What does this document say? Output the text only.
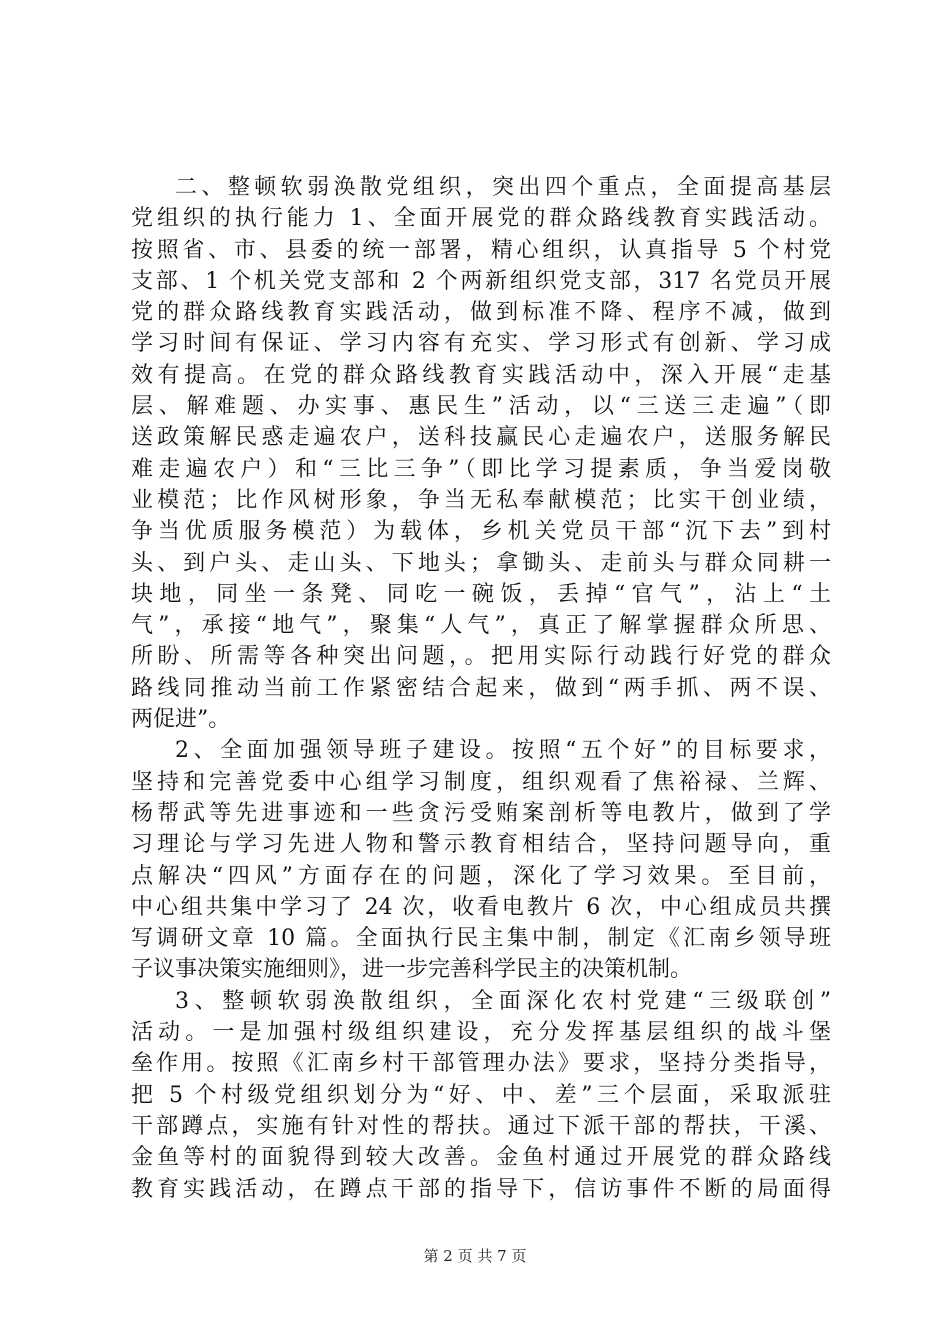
二、整顿软弱涣散党组织，突出四个重点，全面提高基层
党组织的执行能力 1、全面开展党的群众路线教育实践活动。
按照省、市、县委的统一部署，精心组织，认真指导 5 个村党
支部、1 个机关党支部和 2 个两新组织党支部，317 名党员开展
党的群众路线教育实践活动，做到标准不降、程序不减，做到
学习时间有保证、学习内容有充实、学习形式有创新、学习成
效有提高。在党的群众路线教育实践活动中，深入开展“走基
层、解难题、办实事、惠民生”活动，以“三送三走遍”（即
送政策解民惑走遍农户，送科技赢民心走遍农户，送服务解民
难走遍农户）和“三比三争”（即比学习提素质，争当爱岗敬
业模范；比作风树形象，争当无私奉献模范；比实干创业绩，
争当优质服务模范）为载体，乡机关党员干部“沉下去”到村
头、到户头、走山头、下地头；拿锄头、走前头与群众同耕一
块地，同坐一条凳、同吃一碗饭，丢掉“官气”，沾上“土
气”，承接“地气”，聚集“人气”，真正了解掌握群众所思、
所盼、所需等各种突出问题，。把用实际行动践行好党的群众
路线同推动当前工作紧密结合起来，做到“两手抓、两不误、
两促进”。
2、全面加强领导班子建设。按照“五个好”的目标要求，
坚持和完善党委中心组学习制度，组织观看了焦裕禄、兰辉、
杨帮武等先进事迹和一些贪污受贿案剖析等电教片，做到了学
习理论与学习先进人物和警示教育相结合，坚持问题导向，重
点解决“四风”方面存在的问题，深化了学习效果。至目前，
中心组共集中学习了 24 次，收看电教片 6 次，中心组成员共撰
写调研文章 10 篇。全面执行民主集中制，制定《汇南乡领导班
子议事决策实施细则》，进一步完善科学民主的决策机制。
3、整顿软弱涣散组织，全面深化农村党建“三级联创”
活动。一是加强村级组织建设，充分发挥基层组织的战斗堡
垒作用。按照《汇南乡村干部管理办法》要求，坚持分类指导，
把 5 个村级党组织划分为“好、中、差”三个层面，采取派驻
干部蹲点，实施有针对性的帮扶。通过下派干部的帮扶，干溪、
金鱼等村的面貌得到较大改善。金鱼村通过开展党的群众路线
教育实践活动，在蹲点干部的指导下，信访事件不断的局面得
第 2 页 共 7 页
